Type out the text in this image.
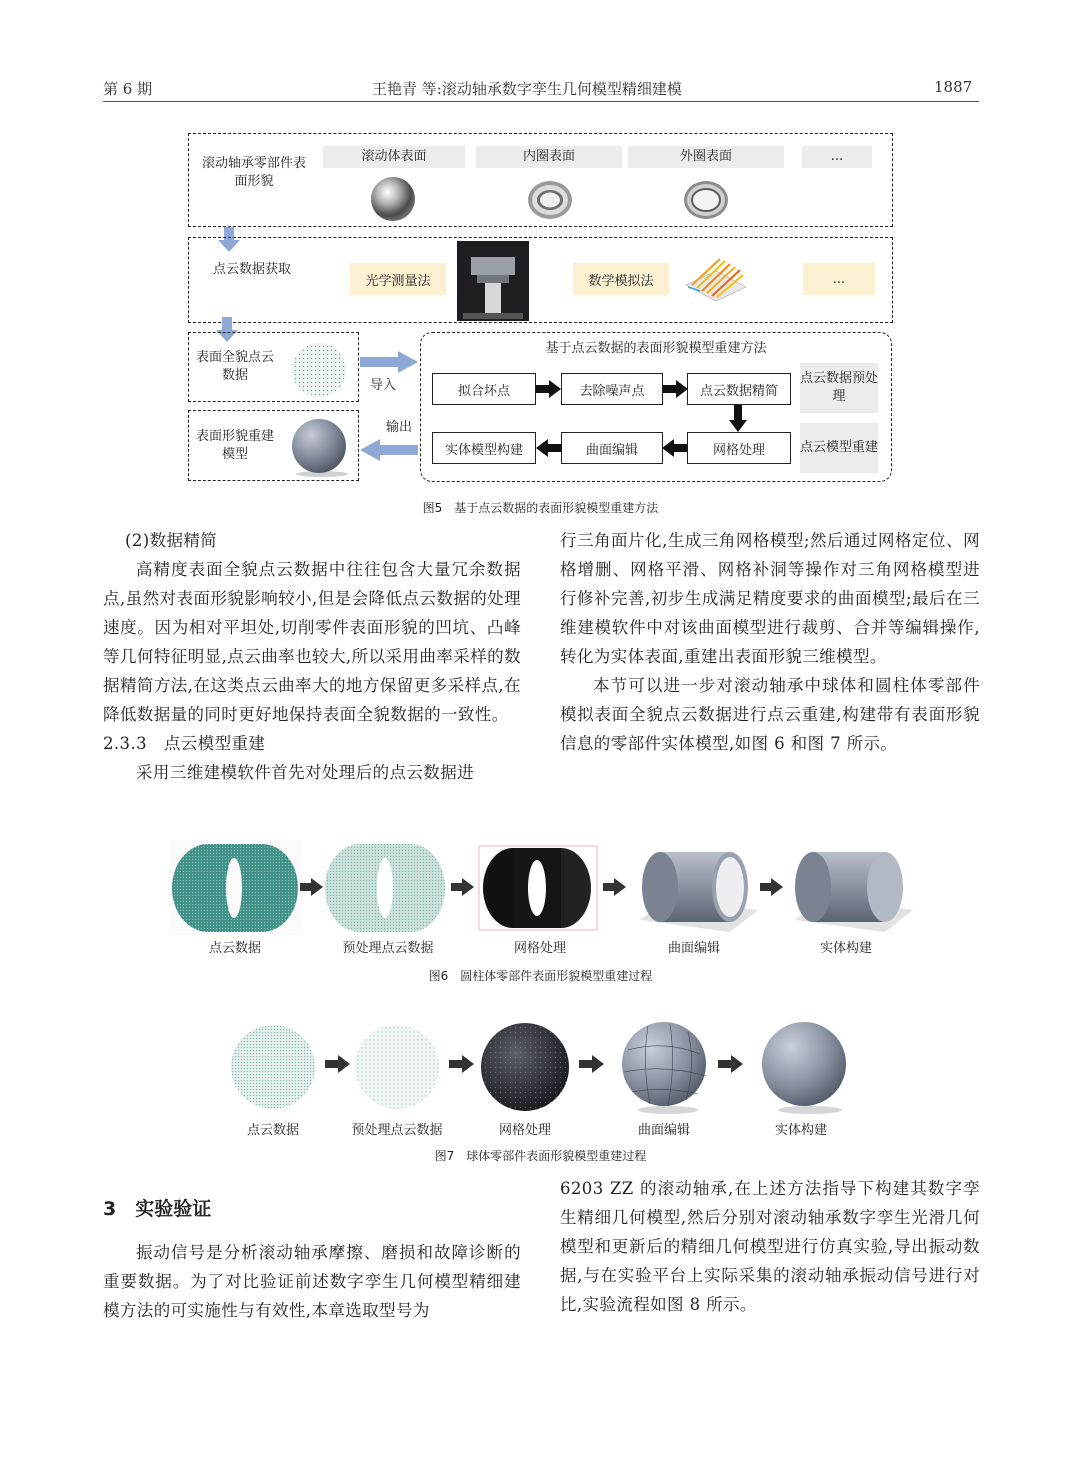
第 6 期	王艳青 等:滚动轴承数字孪生几何模型精细建模	1887
滚动轴承零部件表面形貌
滚动体表面	内圈表面	外圈表面	...
点云数据获取
光学测量法	数学模拟法	...
表面全貌点云数据
表面形貌重建模型
导入
输出
基于点云数据的表面形貌模型重建方法
拟合坏点	去除噪声点	点云数据精简
点云数据预处理
实体模型构建	曲面编辑	网格处理	点云模型重建
图5　基于点云数据的表面形貌模型重建方法

(2)数据精简

高精度表面全貌点云数据中往往包含大量冗余数据点,虽然对表面形貌影响较小,但是会降低点云数据的处理速度。因为相对平坦处,切削零件表面形貌的凹坑、凸峰等几何特征明显,点云曲率也较大,所以采用曲率采样的数据精简方法,在这类点云曲率大的地方保留更多采样点,在降低数据量的同时更好地保持表面全貌数据的一致性。

2.3.3　点云模型重建

采用三维建模软件首先对处理后的点云数据进

行三角面片化,生成三角网格模型;然后通过网格定位、网格增删、网格平滑、网格补洞等操作对三角网格模型进行修补完善,初步生成满足精度要求的曲面模型;最后在三维建模软件中对该曲面模型进行裁剪、合并等编辑操作,转化为实体表面,重建出表面形貌三维模型。

本节可以进一步对滚动轴承中球体和圆柱体零部件模拟表面全貌点云数据进行点云重建,构建带有表面形貌信息的零部件实体模型,如图 6 和图 7 所示。

点云数据	预处理点云数据	网格处理	曲面编辑	实体构建
图6　圆柱体零部件表面形貌模型重建过程
点云数据	预处理点云数据	网格处理	曲面编辑	实体构建
图7　球体零部件表面形貌模型重建过程
3　实验验证

振动信号是分析滚动轴承摩擦、磨损和故障诊断的重要数据。为了对比验证前述数字孪生几何模型精细建模方法的可实施性与有效性,本章选取型号为

6203 ZZ 的滚动轴承,在上述方法指导下构建其数字孪生精细几何模型,然后分别对滚动轴承数字孪生光滑几何模型和更新后的精细几何模型进行仿真实验,导出振动数据,与在实验平台上实际采集的滚动轴承振动信号进行对比,实验流程如图 8 所示。
